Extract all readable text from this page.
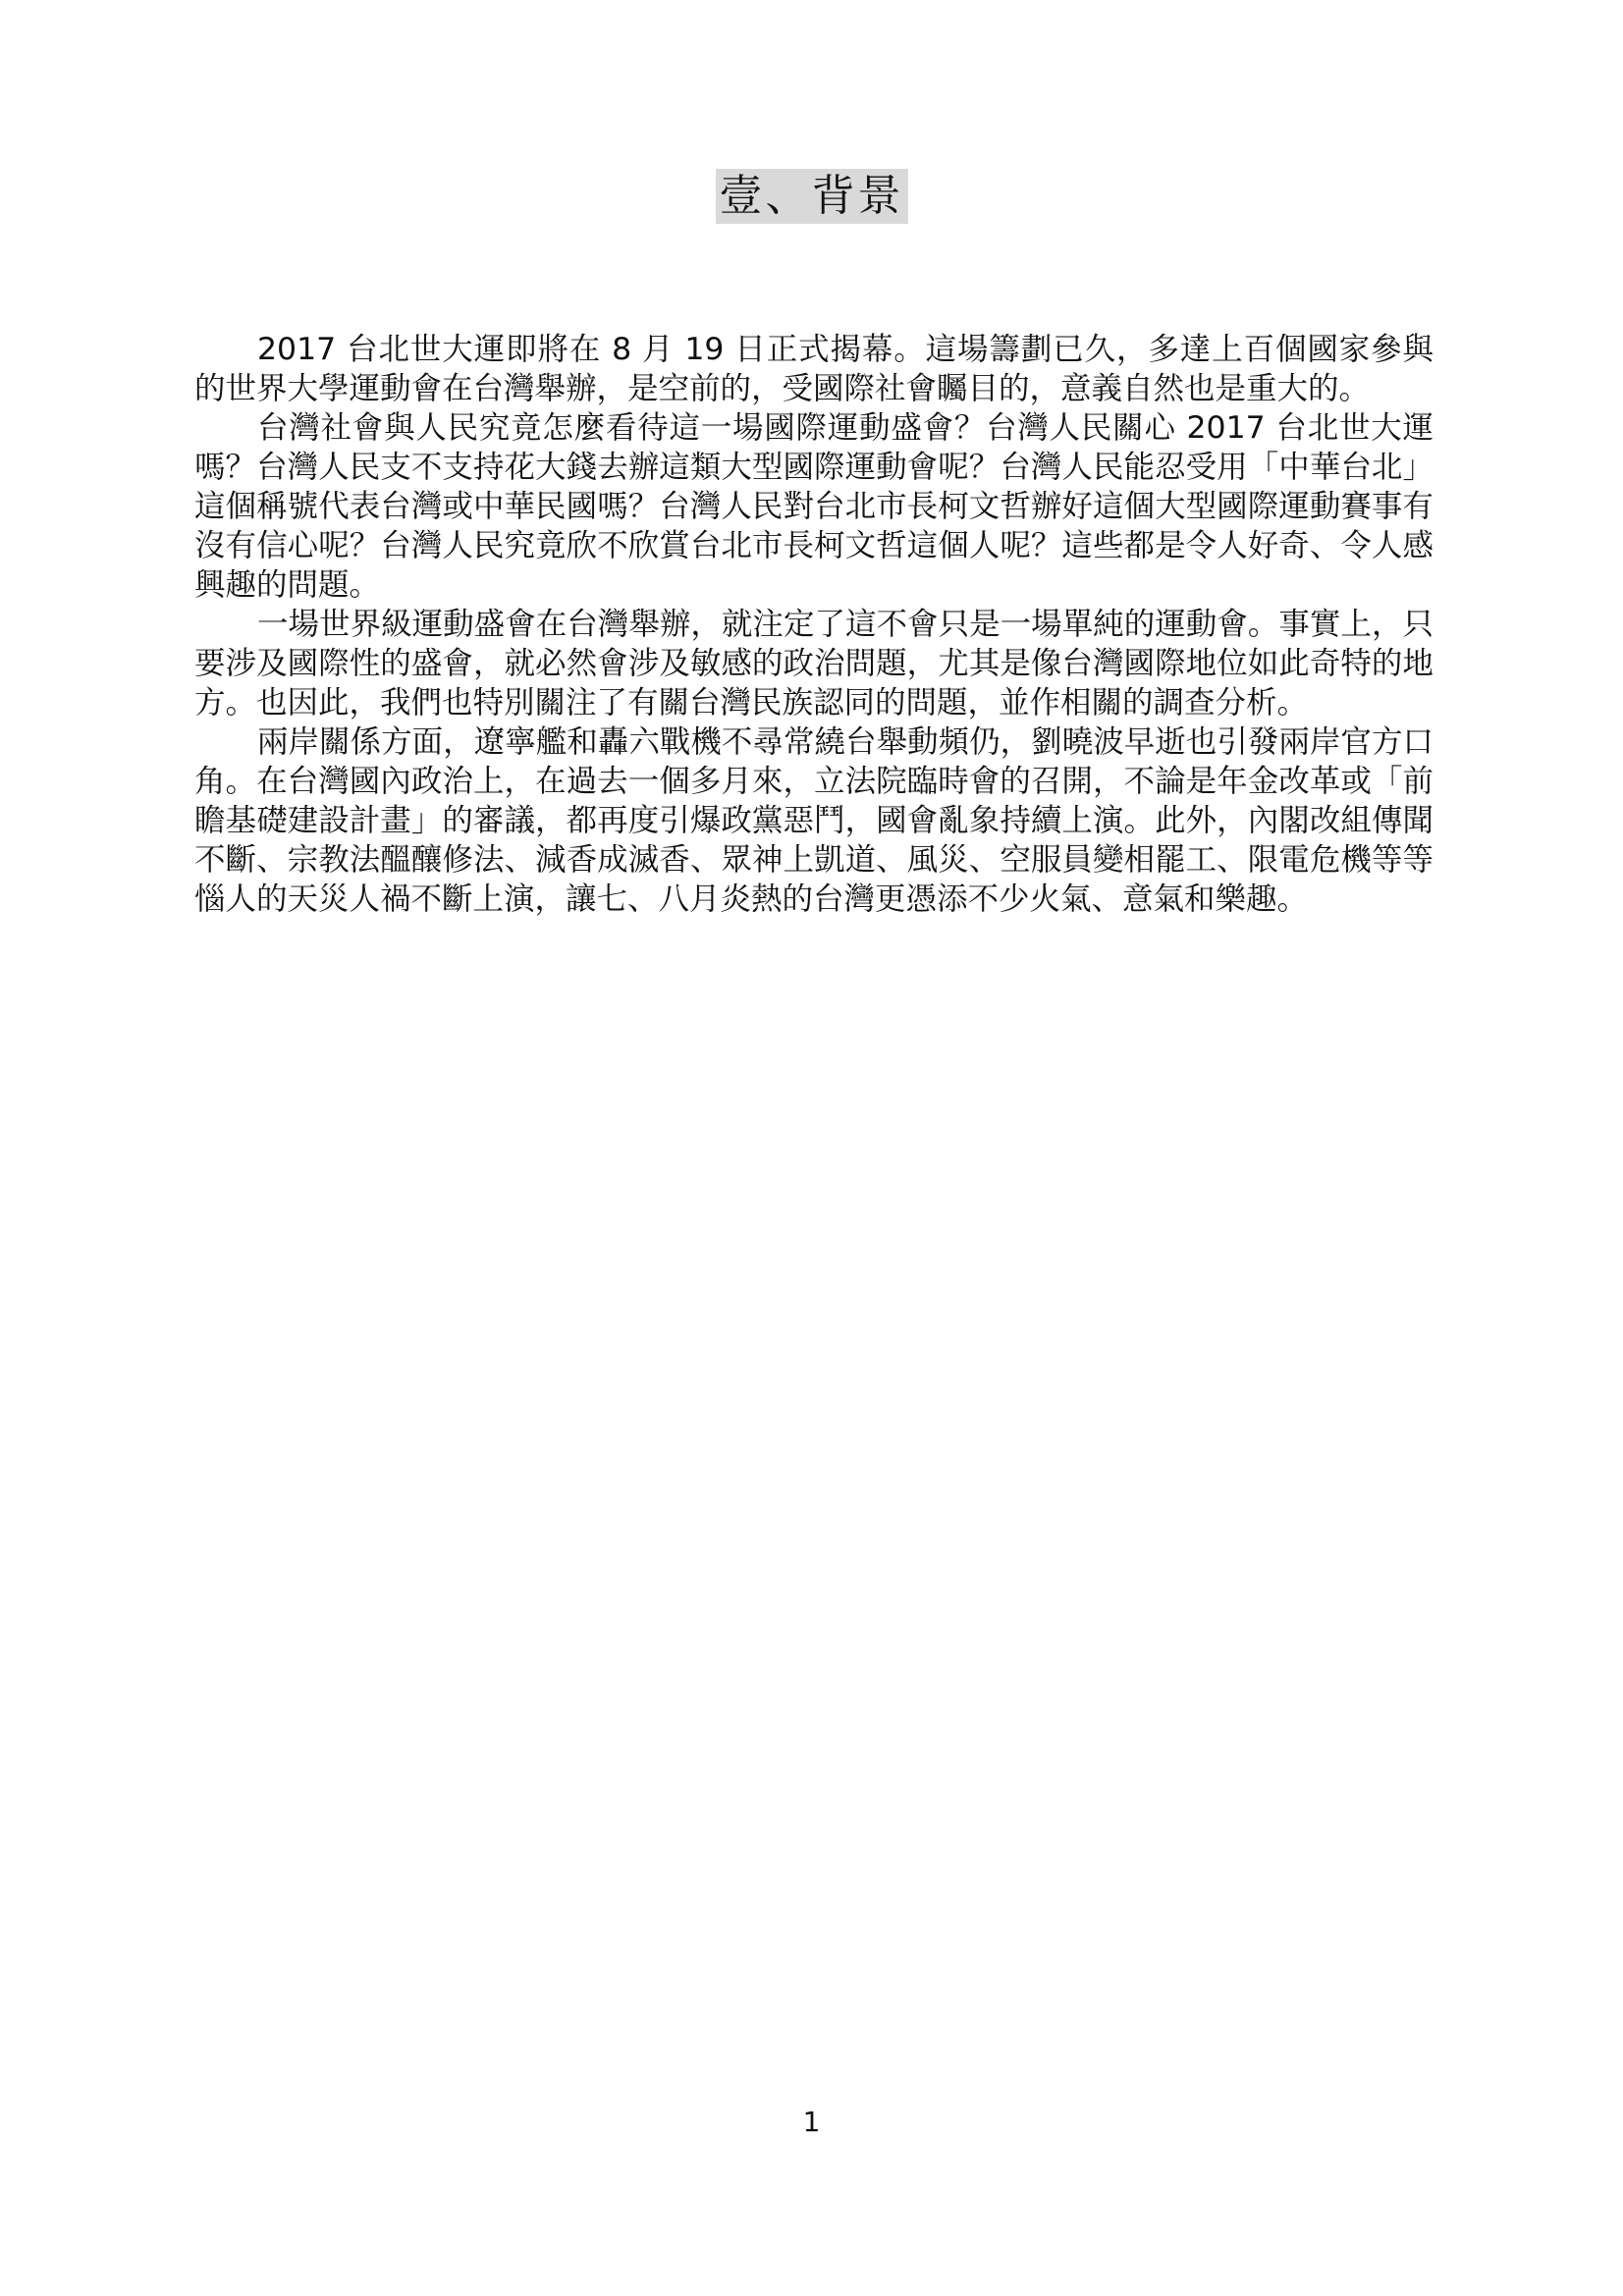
壹、背景

2017 台北世大運即將在 8 月 19 日正式揭幕。這場籌劃已久，多達上百個國家參與的世界大學運動會在台灣舉辦，是空前的，受國際社會矚目的，意義自然也是重大的。

台灣社會與人民究竟怎麼看待這一場國際運動盛會？台灣人民關心 2017 台北世大運嗎？台灣人民支不支持花大錢去辦這類大型國際運動會呢？台灣人民能忍受用「中華台北」這個稱號代表台灣或中華民國嗎？台灣人民對台北市長柯文哲辦好這個大型國際運動賽事有沒有信心呢？台灣人民究竟欣不欣賞台北市長柯文哲這個人呢？這些都是令人好奇、令人感興趣的問題。

一場世界級運動盛會在台灣舉辦，就注定了這不會只是一場單純的運動會。事實上，只要涉及國際性的盛會，就必然會涉及敏感的政治問題，尤其是像台灣國際地位如此奇特的地方。也因此，我們也特別關注了有關台灣民族認同的問題，並作相關的調查分析。

兩岸關係方面，遼寧艦和轟六戰機不尋常繞台舉動頻仍，劉曉波早逝也引發兩岸官方口角。在台灣國內政治上，在過去一個多月來，立法院臨時會的召開，不論是年金改革或「前瞻基礎建設計畫」的審議，都再度引爆政黨惡鬥，國會亂象持續上演。此外，內閣改組傳聞不斷、宗教法醞釀修法、減香成滅香、眾神上凱道、風災、空服員變相罷工、限電危機等等惱人的天災人禍不斷上演，讓七、八月炎熱的台灣更憑添不少火氣、意氣和樂趣。

1
